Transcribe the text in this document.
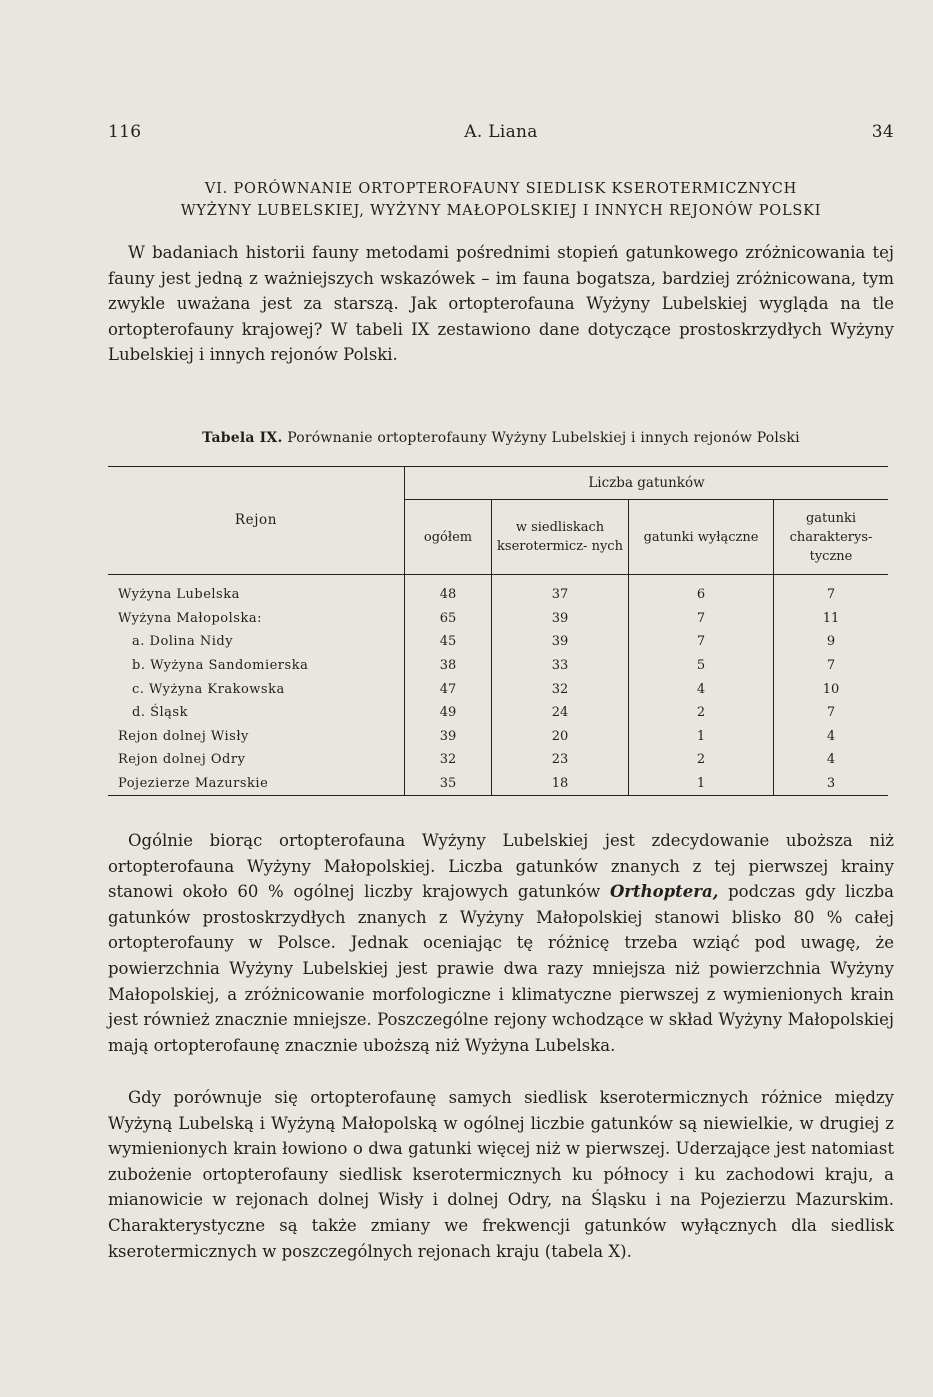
116	A. Liana	34
VI. PORÓWNANIE ORTOPTEROFAUNY SIEDLISK KSEROTERMICZNYCH
WYŻYNY LUBELSKIEJ, WYŻYNY MAŁOPOLSKIEJ I INNYCH REJONÓW POLSKI

W badaniach historii fauny metodami pośrednimi stopień gatunkowego zróżnicowania tej fauny jest jedną z ważniejszych wskazówek – im fauna bogatsza, bardziej zróżnicowana, tym zwykle uważana jest za starszą. Jak ortopterofauna Wyżyny Lubelskiej wygląda na tle ortopterofauny krajowej? W tabeli IX zestawiono dane dotyczące prostoskrzydłych Wyżyny Lubelskiej i innych rejonów Polski.

Tabela IX. Porównanie ortopterofauny Wyżyny Lubelskiej i innych rejonów Polski
Rejon	Liczba gatunków			
	ogółem	w siedliskach kserotermicz- nych	gatunki wyłączne	gatunki charakterys- tyczne
Wyżyna Lubelska	48	37	6	7
Wyżyna Małopolska:	65	39	7	11
a. Dolina Nidy	45	39	7	9
b. Wyżyna Sandomierska	38	33	5	7
c. Wyżyna Krakowska	47	32	4	10
d. Śląsk	49	24	2	7
Rejon dolnej Wisły	39	20	1	4
Rejon dolnej Odry	32	23	2	4
Pojezierze Mazurskie	35	18	1	3

Ogólnie biorąc ortopterofauna Wyżyny Lubelskiej jest zdecydowanie uboższa niż ortopterofauna Wyżyny Małopolskiej. Liczba gatunków znanych z tej pierwszej krainy stanowi około 60 % ogólnej liczby krajowych gatunków Orthoptera, podczas gdy liczba gatunków prostoskrzydłych znanych z Wyżyny Małopolskiej stanowi blisko 80 % całej ortopterofauny w Polsce. Jednak oceniając tę różnicę trzeba wziąć pod uwagę, że powierzchnia Wyżyny Lubelskiej jest prawie dwa razy mniejsza niż powierzchnia Wyżyny Małopolskiej, a zróżnicowanie morfologiczne i klimatyczne pierwszej z wymienionych krain jest również znacznie mniejsze. Poszczególne rejony wchodzące w skład Wyżyny Małopolskiej mają ortopterofaunę znacznie uboższą niż Wyżyna Lubelska.

Gdy porównuje się ortopterofaunę samych siedlisk kserotermicznych różnice między Wyżyną Lubelską i Wyżyną Małopolską w ogólnej liczbie gatunków są niewielkie, w drugiej z wymienionych krain łowiono o dwa gatunki więcej niż w pierwszej. Uderzające jest natomiast zubożenie ortopterofauny siedlisk kserotermicznych ku północy i ku zachodowi kraju, a mianowicie w rejonach dolnej Wisły i dolnej Odry, na Śląsku i na Pojezierzu Mazurskim. Charakterystyczne są także zmiany we frekwencji gatunków wyłącznych dla siedlisk kserotermicznych w poszczególnych rejonach kraju (tabela X).
